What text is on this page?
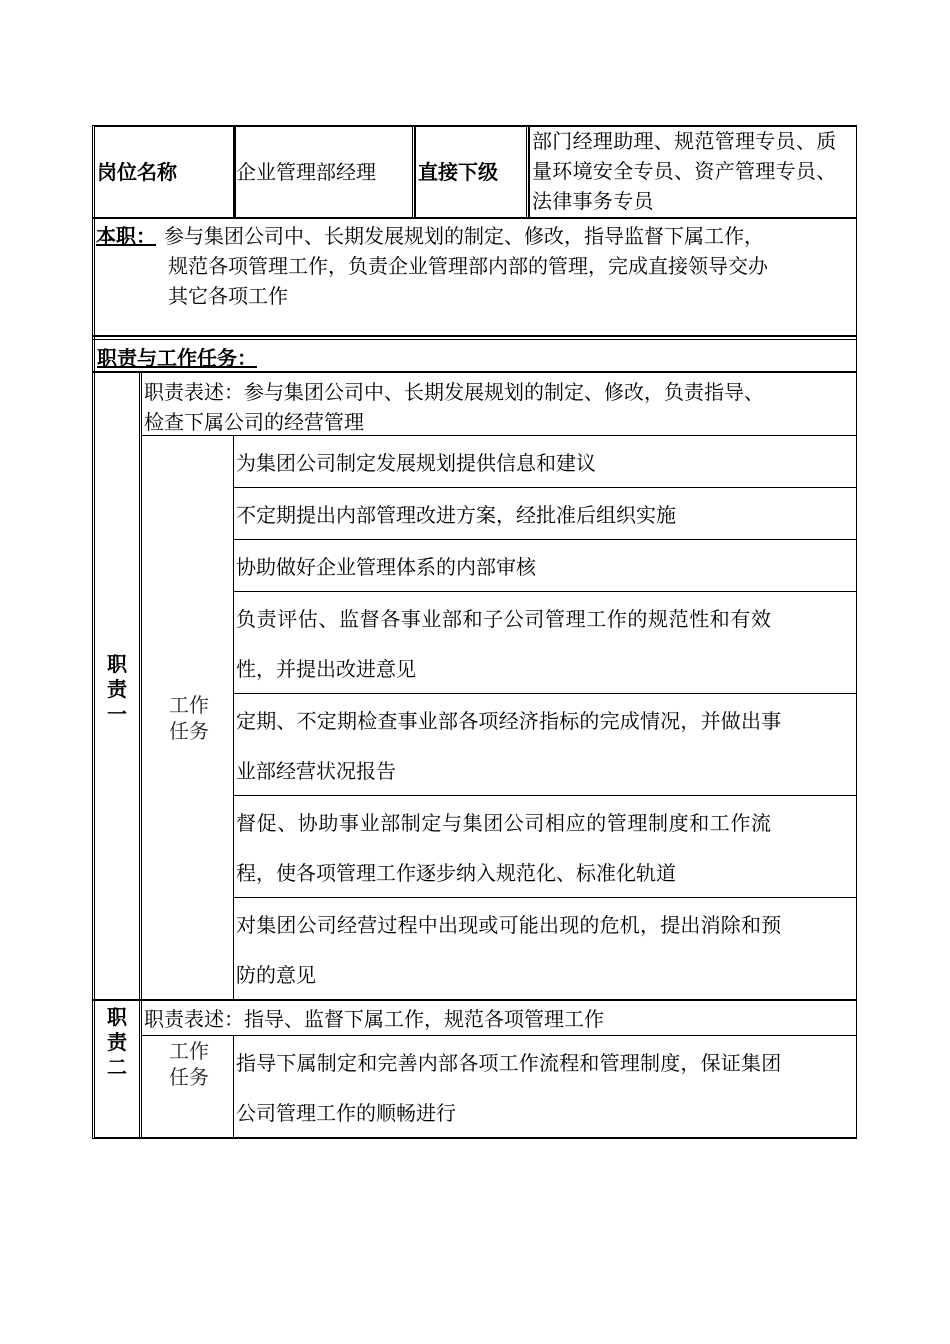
岗位名称	企业管理部经理 直接下级
部门经理助理、规范管理专员、质量环境安全专员、资产管理专员、法律事务专员
本职： 参与集团公司中、长期发展规划的制定、修改，指导监督下属工作，
规范各项管理工作，负责企业管理部内部的管理，完成直接领导交办
其它各项工作
职责与工作任务：
职
责
一
职责表述：参与集团公司中、长期发展规划的制定、修改，负责指导、
检查下属公司的经营管理
工作
任务
为集团公司制定发展规划提供信息和建议
不定期提出内部管理改进方案，经批准后组织实施
协助做好企业管理体系的内部审核
负责评估、监督各事业部和子公司管理工作的规范性和有效
性，并提出改进意见
定期、不定期检查事业部各项经济指标的完成情况，并做出事
业部经营状况报告
督促、协助事业部制定与集团公司相应的管理制度和工作流
程，使各项管理工作逐步纳入规范化、标准化轨道
对集团公司经营过程中出现或可能出现的危机，提出消除和预
防的意见
职
责
二
职责表述：指导、监督下属工作，规范各项管理工作
工作
任务
指导下属制定和完善内部各项工作流程和管理制度，保证集团
公司管理工作的顺畅进行
